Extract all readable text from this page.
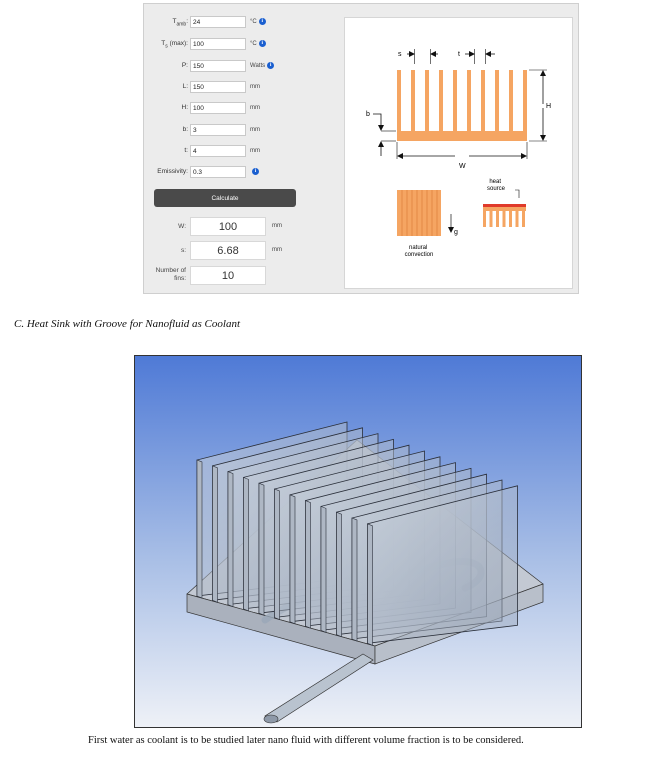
$T_{amb}$:
24	°C i
$T_s$ (max):
100	°C i
P:
150	Watts i
L:
150	mm
H:
100	mm
b:
3	mm
t:
4	mm
Emissivity:
0.3	i
Calculate
W:	100	mm
s:	6.68	mm
Number of fins:	10
s	t
H
b
W
natural convection
g
heat source
C. Heat Sink with Groove for Nanofluid as Coolant
First water as coolant is to be studied later nano fluid with different volume fraction is to be considered.
